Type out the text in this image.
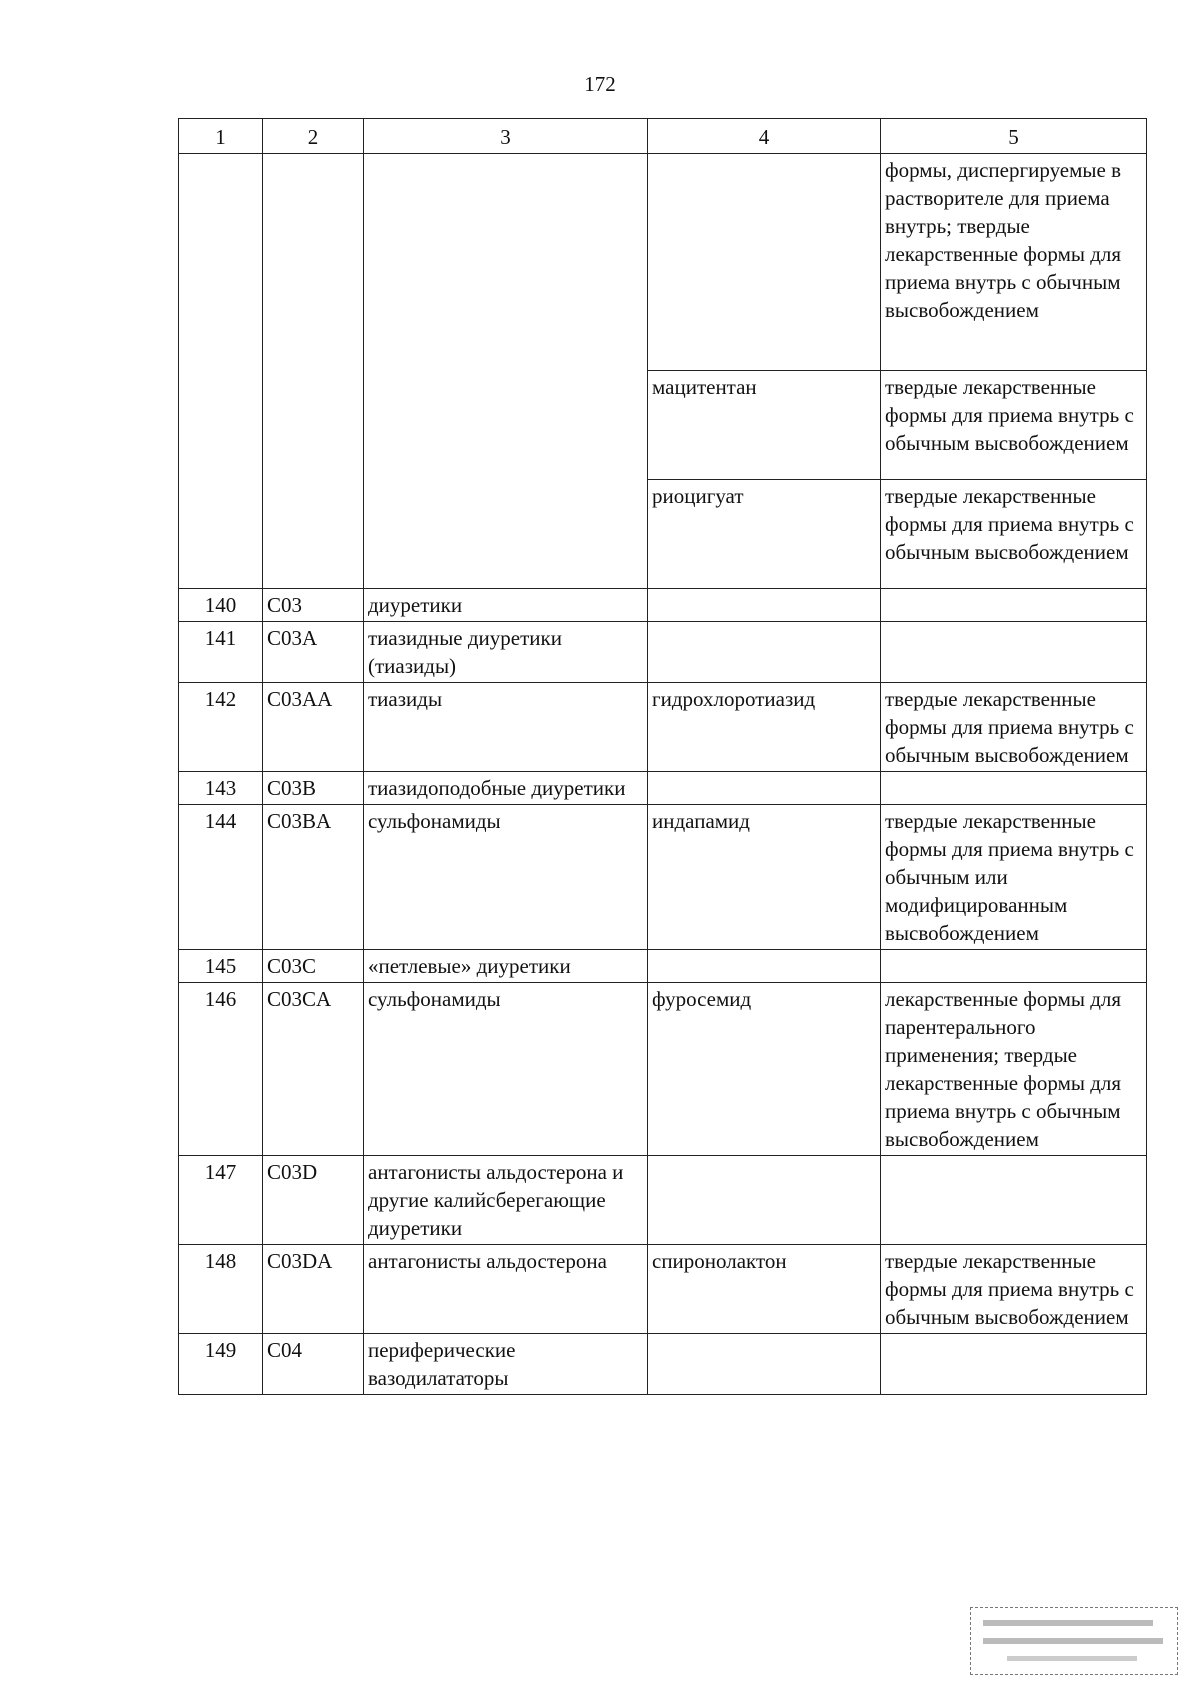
172
1	2	3	4	5
				формы, диспергируемые в растворителе для приема внутрь; твердые лекарственные формы для приема внутрь с обычным высвобождением
			мацитентан	твердые лекарственные формы для приема внутрь с обычным высвобождением
			риоцигуат	твердые лекарственные формы для приема внутрь с обычным высвобождением
140	C03	диуретики		
141	C03A	тиазидные диуретики (тиазиды)		
142	C03AA	тиазиды	гидрохлоротиазид	твердые лекарственные формы для приема внутрь с обычным высвобождением
143	C03B	тиазидоподобные диуретики		
144	C03BA	сульфонамиды	индапамид	твердые лекарственные формы для приема внутрь с обычным или модифицированным высвобождением
145	C03C	«петлевые» диуретики		
146	C03CA	сульфонамиды	фуросемид	лекарственные формы для парентерального применения; твердые лекарственные формы для приема внутрь с обычным высвобождением
147	C03D	антагонисты альдостерона и другие калийсберегающие диуретики		
148	C03DA	антагонисты альдостерона	спиронолактон	твердые лекарственные формы для приема внутрь с обычным высвобождением
149	C04	периферические вазодилататоры		
